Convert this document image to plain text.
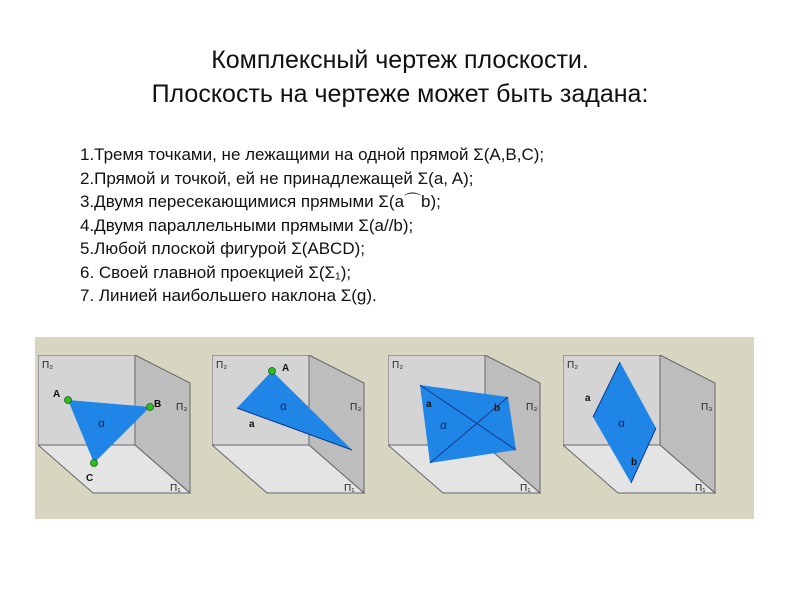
Комплексный чертеж плоскости.
Плоскость на чертеже может быть задана:
1.Тремя точками, не лежащими на одной прямой Σ(A,B,C);
2.Прямой и точкой, ей не принадлежащей Σ(a, A);
3.Двумя пересекающимися прямыми Σ(a⌒b);
4.Двумя параллельными прямыми Σ(a//b);
5.Любой плоской фигурой Σ(ABCD);
6. Своей главной проекцией Σ(Σ₁);
7. Линией наибольшего наклона Σ(g).
Π₂
Π₃
Π₁
α
A
B
C
Π₂
Π₃
Π₁
α
A
a
Π₂
Π₃
Π₁
α
a	b
Π₂
Π₃
Π₁
α
a
b
